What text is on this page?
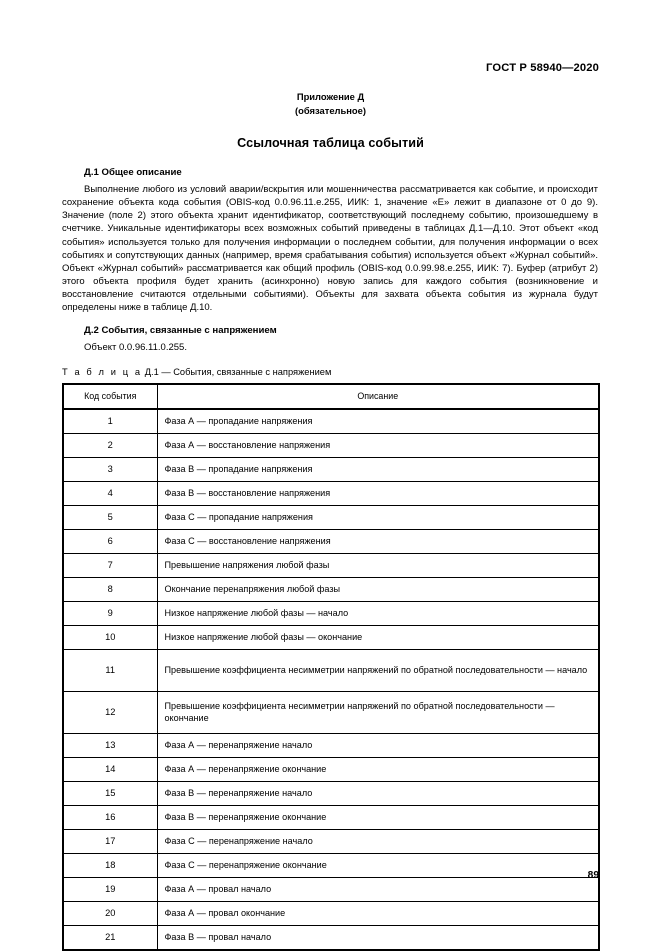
ГОСТ Р 58940—2020
Приложение Д
(обязательное)
Ссылочная таблица событий
Д.1 Общее описание

Выполнение любого из условий аварии/вскрытия или мошенничества рассматривается как событие, и происходит сохранение объекта кода события (OBIS-код 0.0.96.11.e.255, ИИК: 1, значение «Е» лежит в диапазоне от 0 до 9). Значение (поле 2) этого объекта хранит идентификатор, соответствующий последнему событию, произошедшему в счетчике. Уникальные идентификаторы всех возможных событий приведены в таблицах Д.1—Д.10. Этот объект «код события» используется только для получения информации о последнем событии, для получения информации о всех событиях и сопутствующих данных (например, время срабатывания события) используется объект «Журнал событий». Объект «Журнал событий» рассматривается как общий профиль (OBIS-код 0.0.99.98.e.255, ИИК: 7). Буфер (атрибут 2) этого объекта профиля будет хранить (асинхронно) новую запись для каждого события (возникновение и восстановление считаются отдельными событиями). Объекты для захвата объекта события из журнала будут определены ниже в таблице Д.10.

Д.2 События, связанные с напряжением

Объект 0.0.96.11.0.255.

Т а б л и ц а Д.1 — События, связанные с напряжением
Код события	Описание
1	Фаза А — пропадание напряжения
2	Фаза А — восстановление напряжения
3	Фаза В — пропадание напряжения
4	Фаза В — восстановление напряжения
5	Фаза С — пропадание напряжения
6	Фаза С — восстановление напряжения
7	Превышение напряжения любой фазы
8	Окончание перенапряжения любой фазы
9	Низкое напряжение любой фазы — начало
10	Низкое напряжение любой фазы — окончание
11	Превышение коэффициента несимметрии напряжений по обратной последовательности — начало
12	Превышение коэффициента несимметрии напряжений по обратной последовательности — окончание
13	Фаза А — перенапряжение начало
14	Фаза А — перенапряжение окончание
15	Фаза В — перенапряжение начало
16	Фаза В — перенапряжение окончание
17	Фаза С — перенапряжение начало
18	Фаза С — перенапряжение окончание
19	Фаза А — провал начало
20	Фаза А — провал окончание
21	Фаза В — провал начало
89
